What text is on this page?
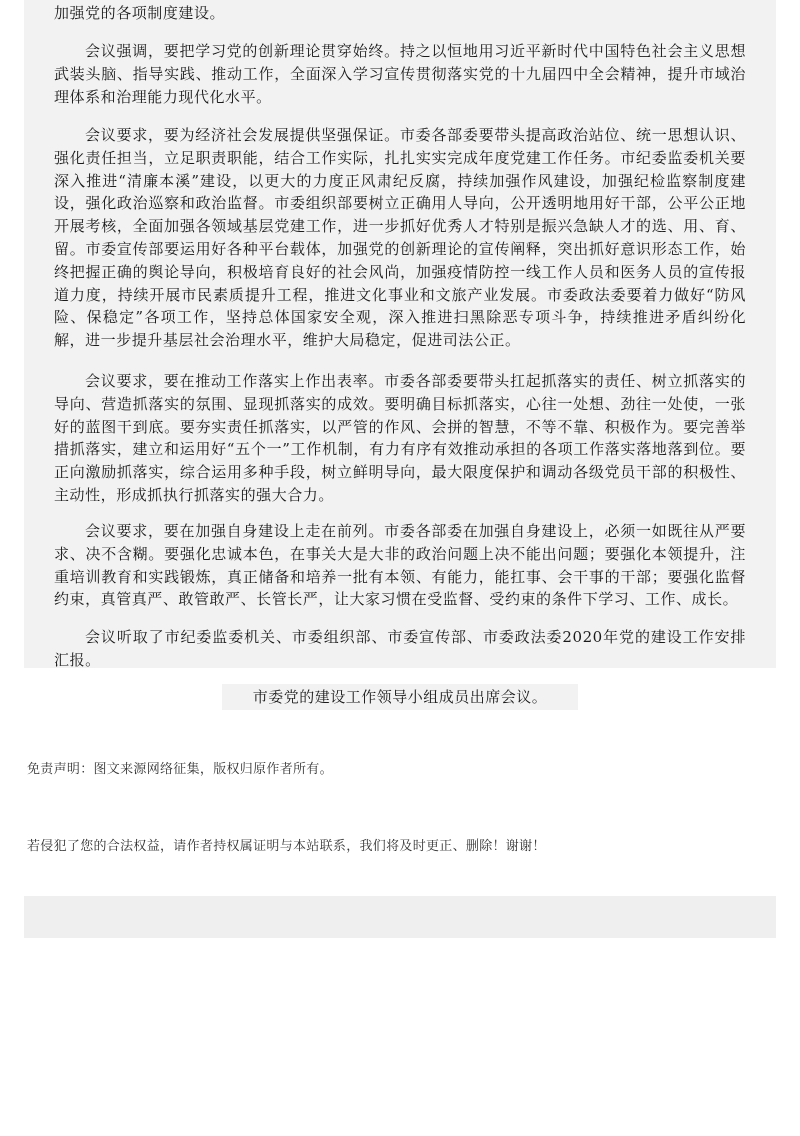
加强党的各项制度建设。

会议强调，要把学习党的创新理论贯穿始终。持之以恒地用习近平新时代中国特色社会主义思想武装头脑、指导实践、推动工作，全面深入学习宣传贯彻落实党的十九届四中全会精神，提升市域治理体系和治理能力现代化水平。

会议要求，要为经济社会发展提供坚强保证。市委各部委要带头提高政治站位、统一思想认识、强化责任担当，立足职责职能，结合工作实际，扎扎实实完成年度党建工作任务。市纪委监委机关要深入推进“清廉本溪”建设，以更大的力度正风肃纪反腐，持续加强作风建设，加强纪检监察制度建设，强化政治巡察和政治监督。市委组织部要树立正确用人导向，公开透明地用好干部，公平公正地开展考核，全面加强各领域基层党建工作，进一步抓好优秀人才特别是振兴急缺人才的选、用、育、留。市委宣传部要运用好各种平台载体，加强党的创新理论的宣传阐释，突出抓好意识形态工作，始终把握正确的舆论导向，积极培育良好的社会风尚，加强疫情防控一线工作人员和医务人员的宣传报道力度，持续开展市民素质提升工程，推进文化事业和文旅产业发展。市委政法委要着力做好“防风险、保稳定”各项工作，坚持总体国家安全观，深入推进扫黑除恶专项斗争，持续推进矛盾纠纷化解，进一步提升基层社会治理水平，维护大局稳定，促进司法公正。

会议要求，要在推动工作落实上作出表率。市委各部委要带头扛起抓落实的责任、树立抓落实的导向、营造抓落实的氛围、显现抓落实的成效。要明确目标抓落实，心往一处想、劲往一处使，一张好的蓝图干到底。要夯实责任抓落实，以严管的作风、会拼的智慧，不等不靠、积极作为。要完善举措抓落实，建立和运用好“五个一”工作机制，有力有序有效推动承担的各项工作落实落地落到位。要正向激励抓落实，综合运用多种手段，树立鲜明导向，最大限度保护和调动各级党员干部的积极性、主动性，形成抓执行抓落实的强大合力。

会议要求，要在加强自身建设上走在前列。市委各部委在加强自身建设上，必须一如既往从严要求、决不含糊。要强化忠诚本色，在事关大是大非的政治问题上决不能出问题；要强化本领提升，注重培训教育和实践锻炼，真正储备和培养一批有本领、有能力，能扛事、会干事的干部；要强化监督约束，真管真严、敢管敢严、长管长严，让大家习惯在受监督、受约束的条件下学习、工作、成长。

会议听取了市纪委监委机关、市委组织部、市委宣传部、市委政法委2020年党的建设工作安排汇报。

市委党的建设工作领导小组成员出席会议。
免责声明：图文来源网络征集，版权归原作者所有。
若侵犯了您的合法权益，请作者持权属证明与本站联系，我们将及时更正、删除！谢谢！
